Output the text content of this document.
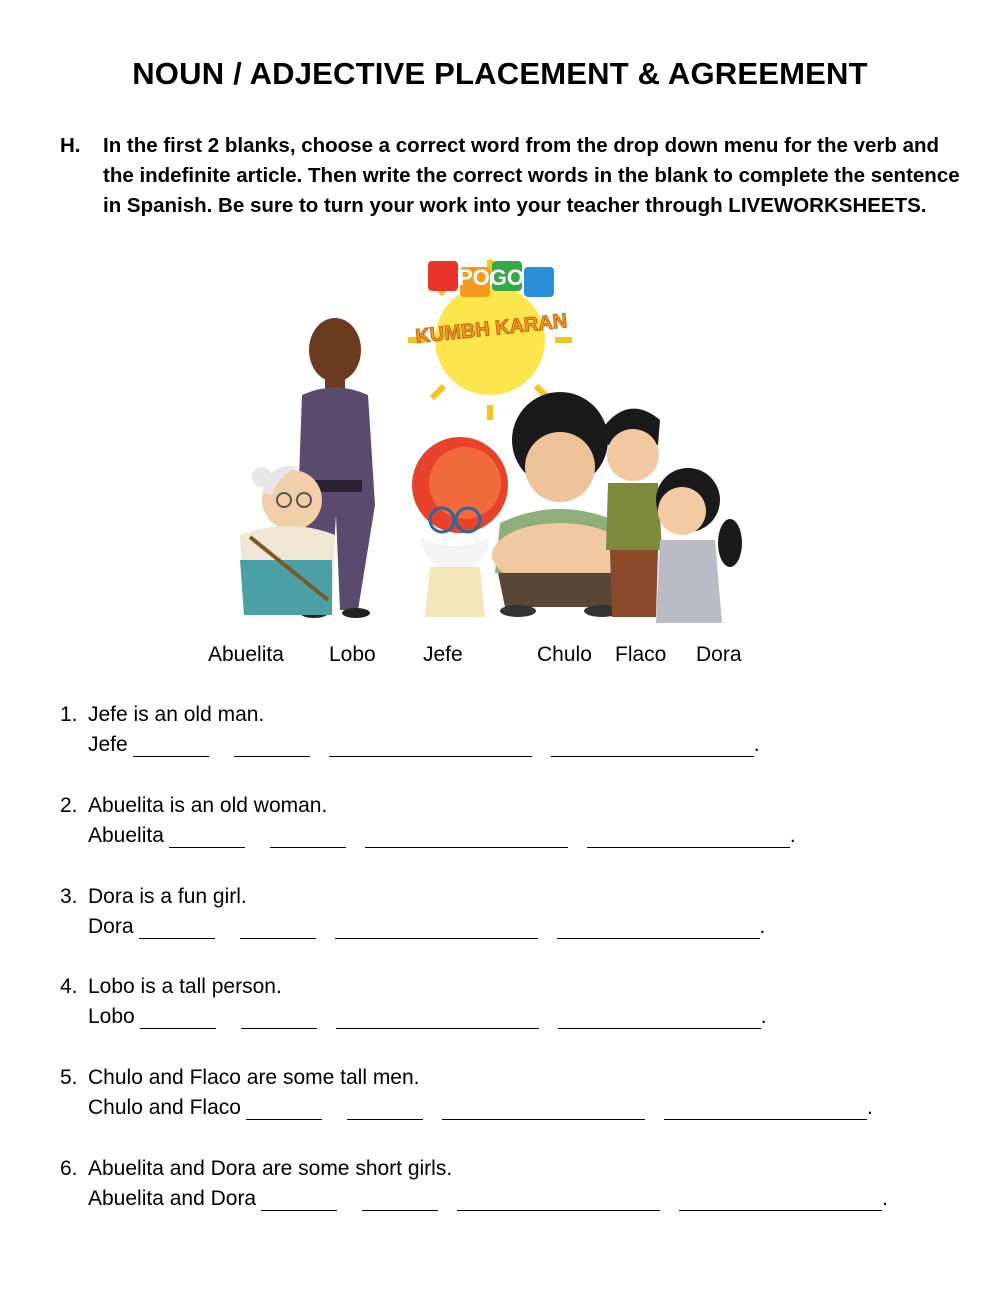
NOUN / ADJECTIVE PLACEMENT & AGREEMENT
H. In the first 2 blanks, choose a correct word from the drop down menu for the verb and the indefinite article. Then write the correct words in the blank to complete the sentence in Spanish. Be sure to turn your work into your teacher through LIVEWORKSHEETS.
POGO
KUMBH KARAN
Abuelita Lobo Jefe	Chulo Flaco Dora
1. Jefe is an old man.
Jefe	.
2. Abuelita is an old woman.
Abuelita	.
3. Dora is a fun girl.
Dora	.
4. Lobo is a tall person.
Lobo	.
5. Chulo and Flaco are some tall men.
Chulo and Flaco	.
6. Abuelita and Dora are some short girls.
Abuelita and Dora	.
